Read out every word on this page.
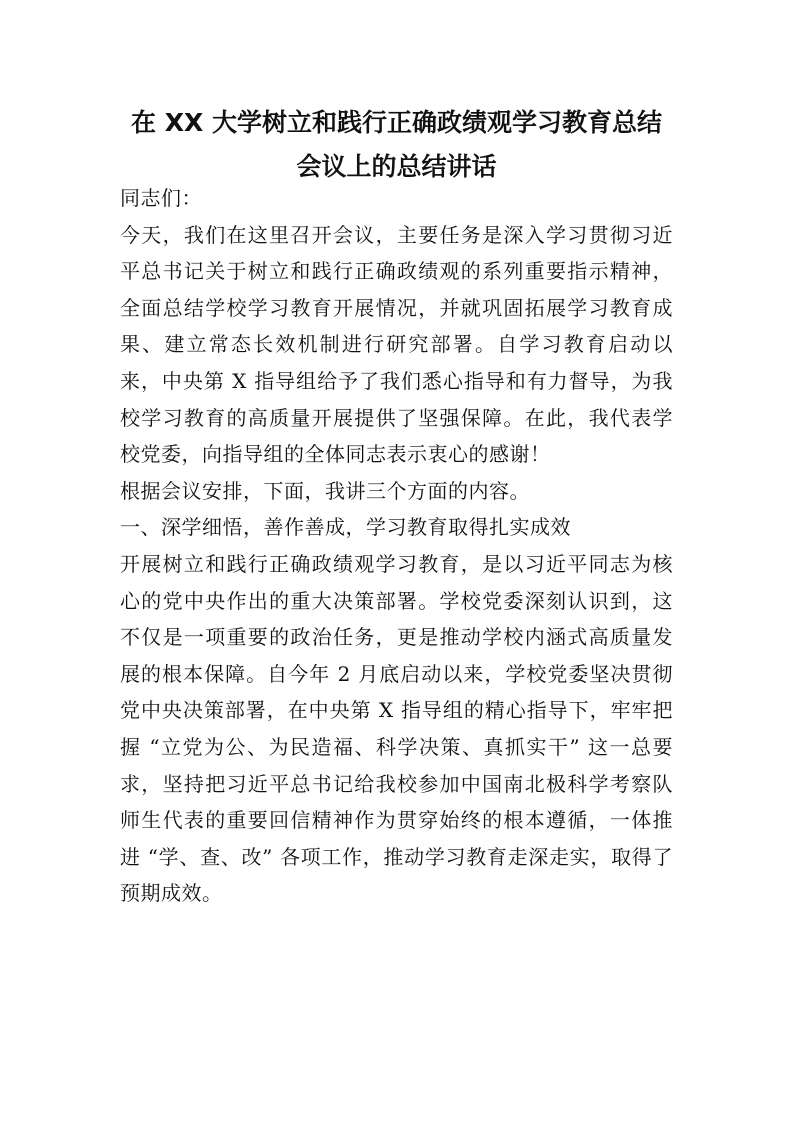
在 XX 大学树立和践行正确政绩观学习教育总结会议上的总结讲话

同志们：

今天，我们在这里召开会议，主要任务是深入学习贯彻习近平总书记关于树立和践行正确政绩观的系列重要指示精神，全面总结学校学习教育开展情况，并就巩固拓展学习教育成果、建立常态长效机制进行研究部署。自学习教育启动以来，中央第 X 指导组给予了我们悉心指导和有力督导，为我校学习教育的高质量开展提供了坚强保障。在此，我代表学校党委，向指导组的全体同志表示衷心的感谢！

根据会议安排，下面，我讲三个方面的内容。

一、深学细悟，善作善成，学习教育取得扎实成效

开展树立和践行正确政绩观学习教育，是以习近平同志为核心的党中央作出的重大决策部署。学校党委深刻认识到，这不仅是一项重要的政治任务，更是推动学校内涵式高质量发展的根本保障。自今年 2 月底启动以来，学校党委坚决贯彻党中央决策部署，在中央第 X 指导组的精心指导下，牢牢把握 “立党为公、为民造福、科学决策、真抓实干” 这一总要求，坚持把习近平总书记给我校参加中国南北极科学考察队师生代表的重要回信精神作为贯穿始终的根本遵循，一体推进 “学、查、改” 各项工作，推动学习教育走深走实，取得了预期成效。
